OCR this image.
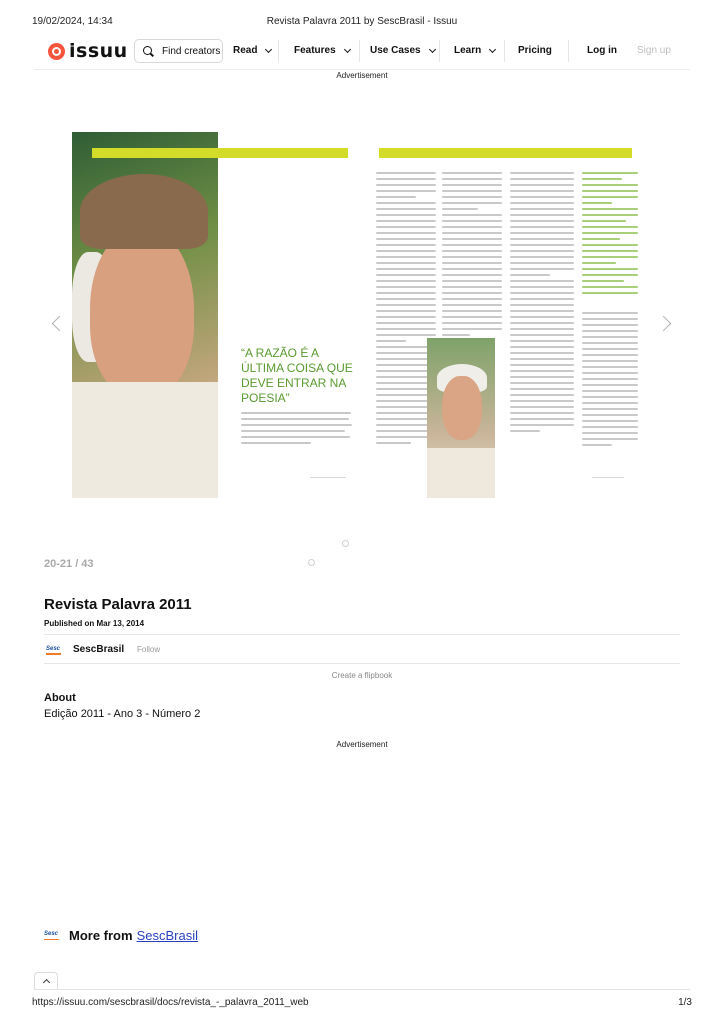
19/02/2024, 14:34	Revista Palavra 2011 by SescBrasil - Issuu
issuu	Find creators Read	Features	Use Cases	Learn	Pricing	Log in Sign up
Advertisement
“A RAZÃO É A ÚLTIMA COISA QUE DEVE ENTRAR NA POESIA”
―――――――――	――――――――
20-21 / 43
Revista Palavra 2011
Published on Mar 13, 2014
Sesc SescBrasil Follow
Create a flipbook
About

Edição 2011 - Ano 3 - Número 2

Advertisement
Sesc More from SescBrasil
https://issuu.com/sescbrasil/docs/revista_-_palavra_2011_web	1/3
